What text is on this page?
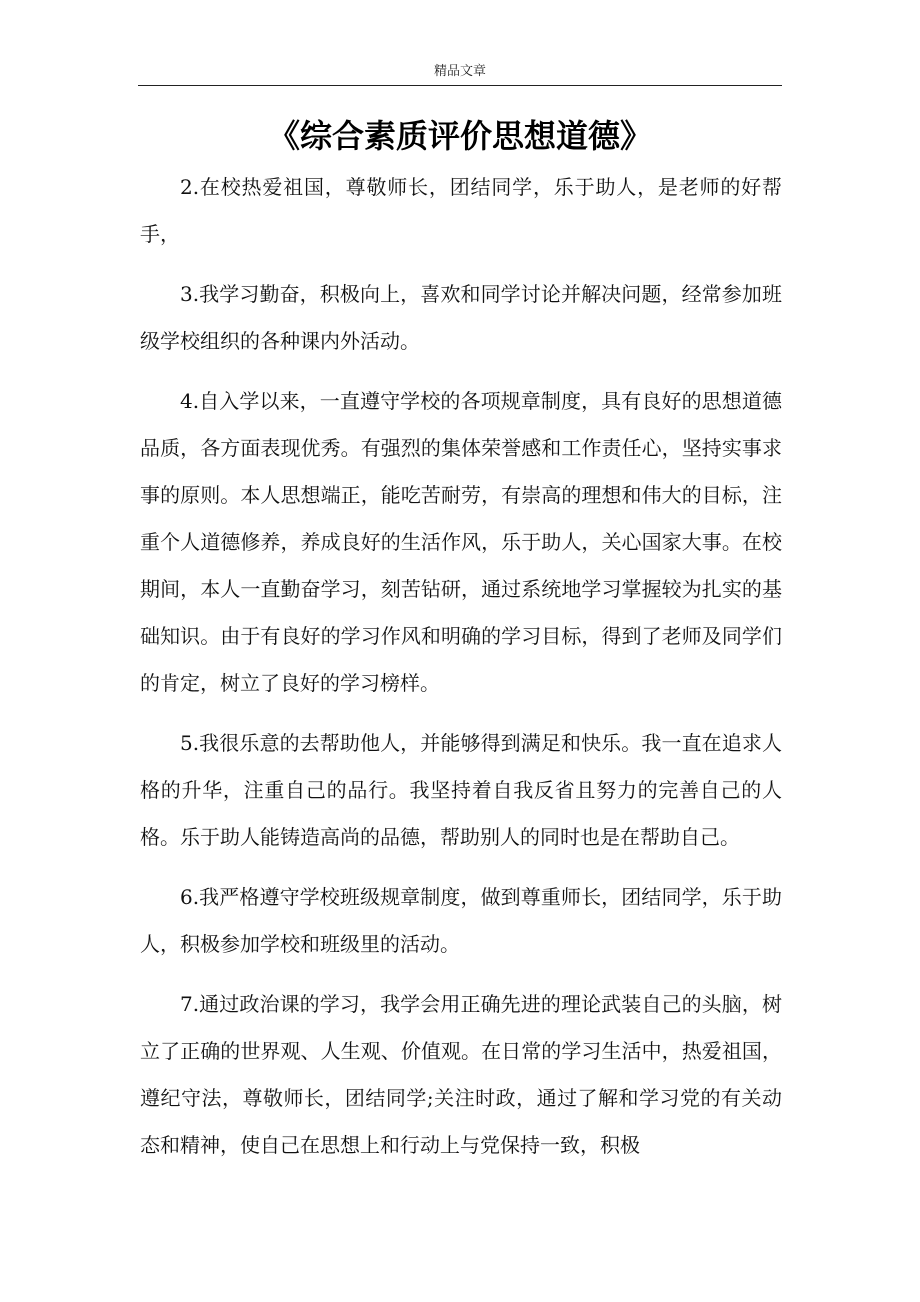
精品文章
《综合素质评价思想道德》

2.在校热爱祖国，尊敬师长，团结同学，乐于助人，是老师的好帮手，

3.我学习勤奋，积极向上，喜欢和同学讨论并解决问题，经常参加班级学校组织的各种课内外活动。

4.自入学以来，一直遵守学校的各项规章制度，具有良好的思想道德品质，各方面表现优秀。有强烈的集体荣誉感和工作责任心，坚持实事求事的原则。本人思想端正，能吃苦耐劳，有崇高的理想和伟大的目标，注重个人道德修养，养成良好的生活作风，乐于助人，关心国家大事。在校期间，本人一直勤奋学习，刻苦钻研，通过系统地学习掌握较为扎实的基础知识。由于有良好的学习作风和明确的学习目标，得到了老师及同学们的肯定，树立了良好的学习榜样。

5.我很乐意的去帮助他人，并能够得到满足和快乐。我一直在追求人格的升华，注重自己的品行。我坚持着自我反省且努力的完善自己的人格。乐于助人能铸造高尚的品德，帮助别人的同时也是在帮助自己。

6.我严格遵守学校班级规章制度，做到尊重师长，团结同学，乐于助人，积极参加学校和班级里的活动。

7.通过政治课的学习，我学会用正确先进的理论武装自己的头脑，树立了正确的世界观、人生观、价值观。在日常的学习生活中，热爱祖国，遵纪守法，尊敬师长，团结同学;关注时政，通过了解和学习党的有关动态和精神，使自己在思想上和行动上与党保持一致，积极
